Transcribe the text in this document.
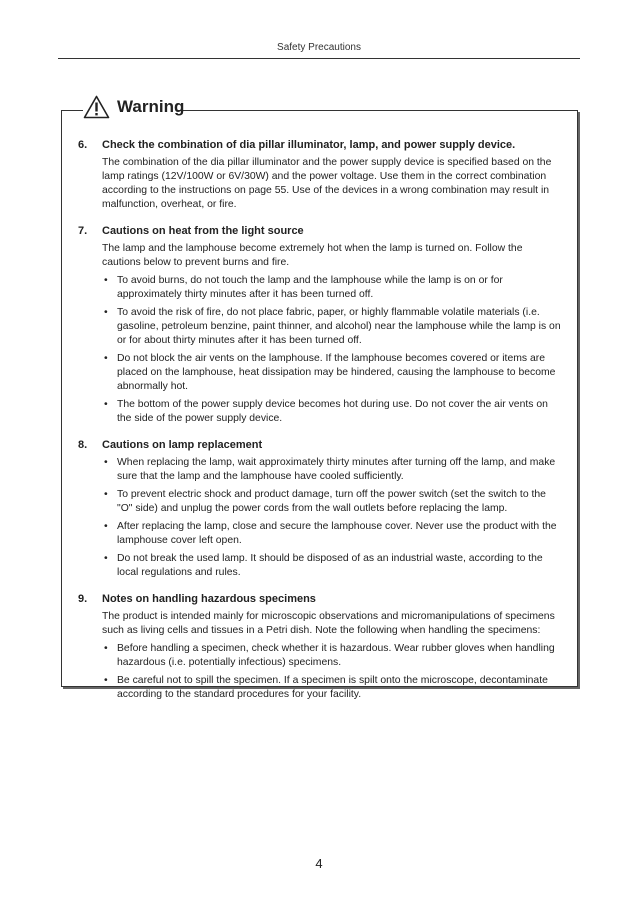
Safety Precautions
Warning
6.	Check the combination of dia pillar illuminator, lamp, and power supply device.
The combination of the dia pillar illuminator and the power supply device is specified based on the lamp ratings (12V/100W or 6V/30W) and the power voltage. Use them in the correct combination according to the instructions on page 55. Use of the devices in a wrong combination may result in malfunction, overheat, or fire.
7.	Cautions on heat from the light source
The lamp and the lamphouse become extremely hot when the lamp is turned on. Follow the cautions below to prevent burns and fire.
• To avoid burns, do not touch the lamp and the lamphouse while the lamp is on or for approximately thirty minutes after it has been turned off.
• To avoid the risk of fire, do not place fabric, paper, or highly flammable volatile materials (i.e. gasoline, petroleum benzine, paint thinner, and alcohol) near the lamphouse while the lamp is on or for about thirty minutes after it has been turned off.
• Do not block the air vents on the lamphouse. If the lamphouse becomes covered or items are placed on the lamphouse, heat dissipation may be hindered, causing the lamphouse to become abnormally hot.
• The bottom of the power supply device becomes hot during use. Do not cover the air vents on the side of the power supply device.
8.	Cautions on lamp replacement
• When replacing the lamp, wait approximately thirty minutes after turning off the lamp, and make sure that the lamp and the lamphouse have cooled sufficiently.
• To prevent electric shock and product damage, turn off the power switch (set the switch to the "O" side) and unplug the power cords from the wall outlets before replacing the lamp.
• After replacing the lamp, close and secure the lamphouse cover. Never use the product with the lamphouse cover left open.
• Do not break the used lamp. It should be disposed of as an industrial waste, according to the local regulations and rules.
9.	Notes on handling hazardous specimens
The product is intended mainly for microscopic observations and micromanipulations of specimens such as living cells and tissues in a Petri dish. Note the following when handling the specimens:
• Before handling a specimen, check whether it is hazardous. Wear rubber gloves when handling hazardous (i.e. potentially infectious) specimens.
• Be careful not to spill the specimen. If a specimen is spilt onto the microscope, decontaminate according to the standard procedures for your facility.
4
